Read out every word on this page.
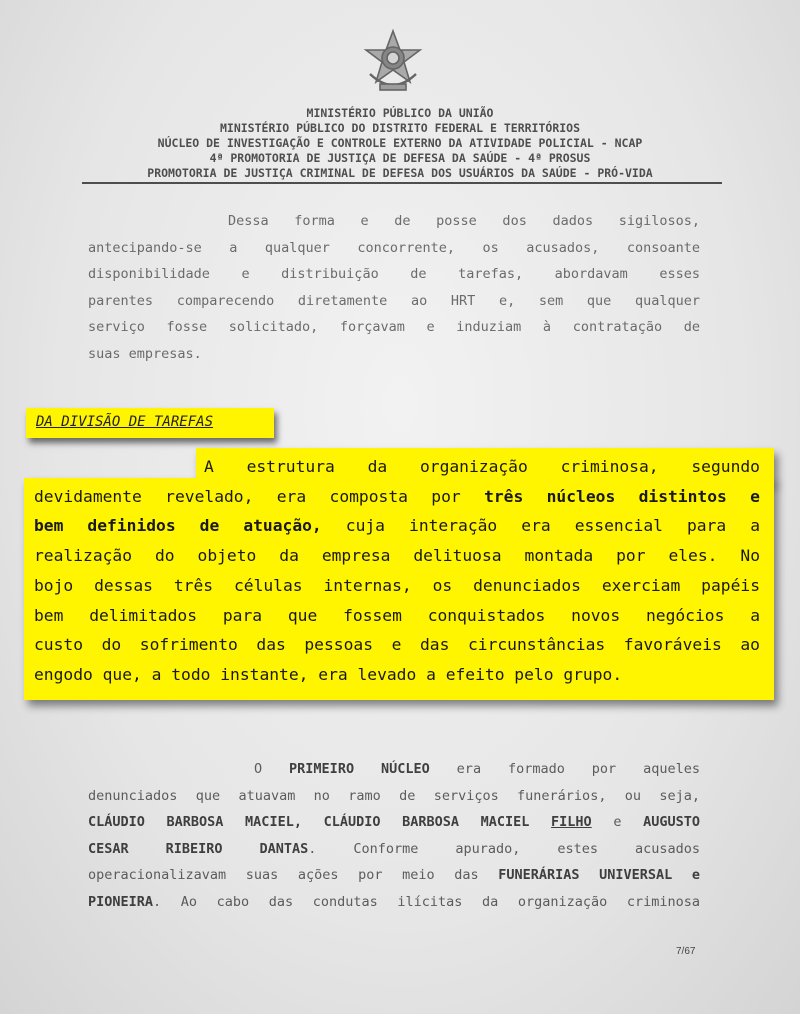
MINISTÉRIO PÚBLICO DA UNIÃO
MINISTÉRIO PÚBLICO DO DISTRITO FEDERAL E TERRITÓRIOS
NÚCLEO DE INVESTIGAÇÃO E CONTROLE EXTERNO DA ATIVIDADE POLICIAL - NCAP
4ª PROMOTORIA DE JUSTIÇA DE DEFESA DA SAÚDE - 4ª PROSUS
PROMOTORIA DE JUSTIÇA CRIMINAL DE DEFESA DOS USUÁRIOS DA SAÚDE - PRÓ-VIDA
Dessa forma e de posse dos dados sigilosos,
antecipando-se a qualquer concorrente, os acusados, consoante
disponibilidade e distribuição de tarefas, abordavam esses
parentes comparecendo diretamente ao HRT e, sem que qualquer
serviço fosse solicitado, forçavam e induziam à contratação de
suas empresas.
DA DIVISÃO DE TAREFAS
A estrutura da organização criminosa, segundo
devidamente revelado, era composta por três núcleos distintos e
bem definidos de atuação, cuja interação era essencial para a
realização do objeto da empresa delituosa montada por eles. No
bojo dessas três células internas, os denunciados exerciam papéis
bem delimitados para que fossem conquistados novos negócios a
custo do sofrimento das pessoas e das circunstâncias favoráveis ao
engodo que, a todo instante, era levado a efeito pelo grupo.
O PRIMEIRO NÚCLEO era formado por aqueles
denunciados que atuavam no ramo de serviços funerários, ou seja,
CLÁUDIO BARBOSA MACIEL, CLÁUDIO BARBOSA MACIEL FILHO e AUGUSTO
CESAR RIBEIRO DANTAS. Conforme apurado, estes acusados
operacionalizavam suas ações por meio das FUNERÁRIAS UNIVERSAL e
PIONEIRA. Ao cabo das condutas ilícitas da organização criminosa
7/67
